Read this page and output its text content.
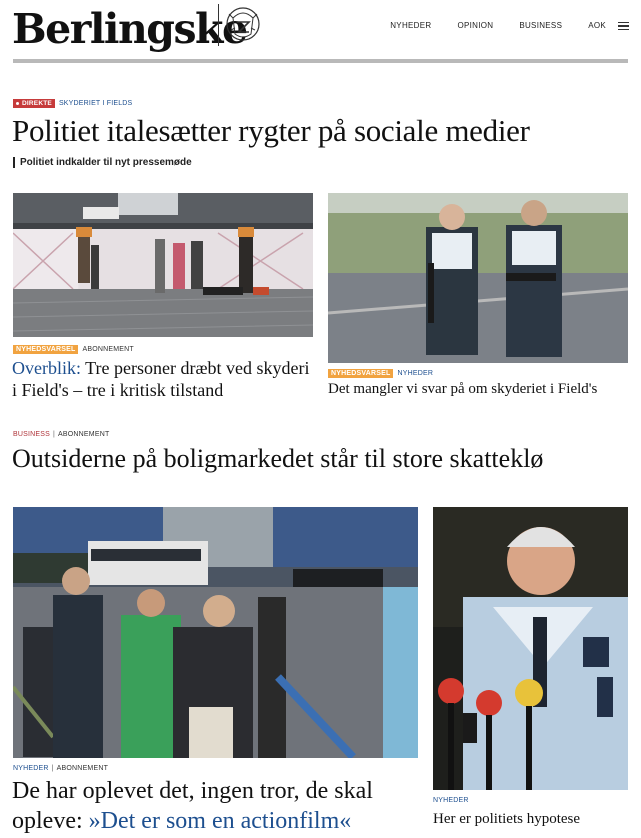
Berlingske	NYHEDER	OPINION	BUSINESS	AOK
DIREKTE SKYDERIET I FIELDS
Politiet italesætter rygter på sociale medier
Politiet indkalder til nyt pressemøde
NYHEDSVARSEL	ABONNEMENT
Overblik: Tre personer dræbt ved skyderi i Field's – tre i kritisk tilstand
NYHEDSVARSEL	NYHEDER
Det mangler vi svar på om skyderiet i Field's
BUSINESS | ABONNEMENT
Outsiderne på boligmarkedet står til store skatteklø
NYHEDER | ABONNEMENT
De har oplevet det, ingen tror, de skal
opleve: »Det er som en actionfilm«
NYHEDER
Her er politiets hypotese
